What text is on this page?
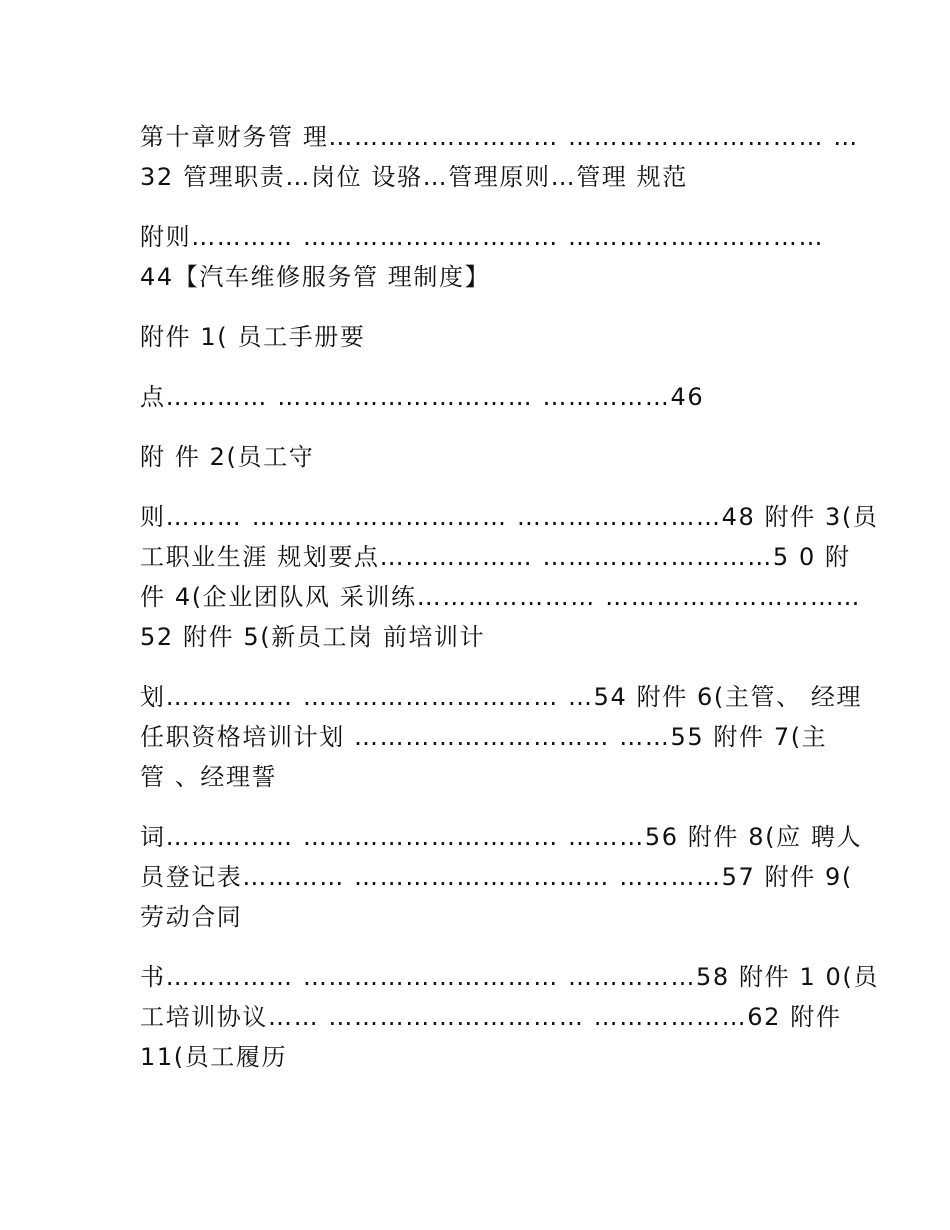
第十章财务管 理……………………… ………………………… …
32 管理职责…岗位 设骆…管理原则…管理 规范
附则………… ………………………… …………………………
44【汽车维修服务管 理制度】
附件 1( 员工手册要
点………… ………………………… ……………46
附 件 2(员工守
则……… ………………………… ……………………48 附件 3(员
工职业生涯 规划要点……………… ………………………5 0 附
件 4(企业团队风 采训练………………… …………………………
52 附件 5(新员工岗 前培训计
划…………… ………………………… …54 附件 6(主管、 经理
任职资格培训计划 ………………………… ……55 附件 7(主
管 、经理誓
词…………… ………………………… ………56 附件 8(应 聘人
员登记表………… ………………………… …………57 附件 9(
劳动合同
书…………… ………………………… ……………58 附件 1 0(员
工培训协议…… ………………………… ………………62 附件
11(员工履历
